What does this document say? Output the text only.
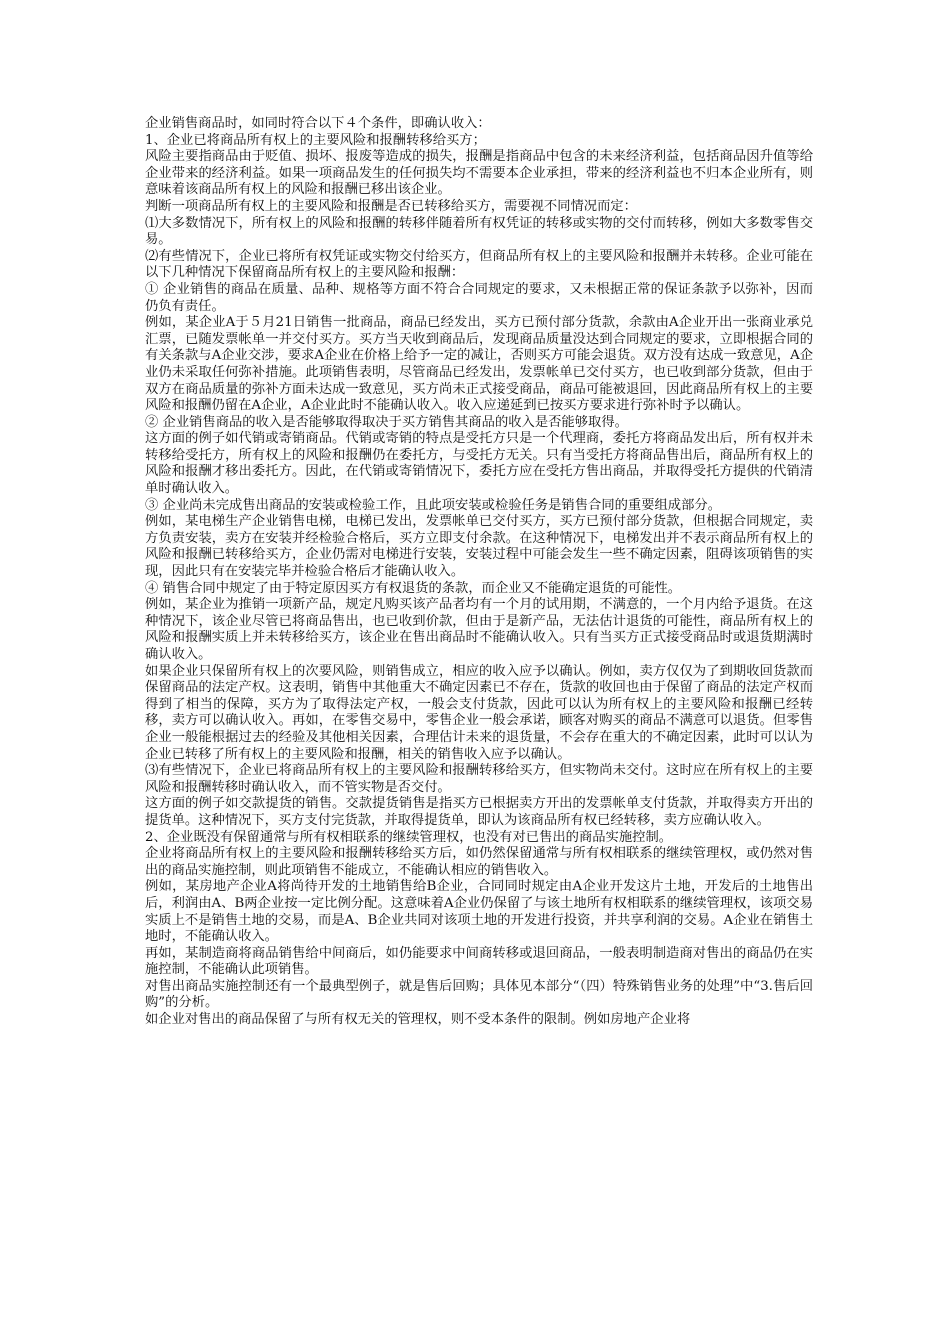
企业销售商品时，如同时符合以下４个条件，即确认收入：

1、企业已将商品所有权上的主要风险和报酬转移给买方；

风险主要指商品由于贬值、损坏、报废等造成的损失，报酬是指商品中包含的未来经济利益，包括商品因升值等给企业带来的经济利益。如果一项商品发生的任何损失均不需要本企业承担，带来的经济利益也不归本企业所有，则意味着该商品所有权上的风险和报酬已移出该企业。

判断一项商品所有权上的主要风险和报酬是否已转移给买方，需要视不同情况而定：

⑴大多数情况下，所有权上的风险和报酬的转移伴随着所有权凭证的转移或实物的交付而转移，例如大多数零售交易。

⑵有些情况下，企业已将所有权凭证或实物交付给买方，但商品所有权上的主要风险和报酬并未转移。企业可能在以下几种情况下保留商品所有权上的主要风险和报酬：

① 企业销售的商品在质量、品种、规格等方面不符合合同规定的要求，又未根据正常的保证条款予以弥补，因而仍负有责任。

例如，某企业A于５月21日销售一批商品，商品已经发出，买方已预付部分货款，余款由A企业开出一张商业承兑汇票，已随发票帐单一并交付买方。买方当天收到商品后，发现商品质量没达到合同规定的要求，立即根据合同的有关条款与A企业交涉，要求A企业在价格上给予一定的减让，否则买方可能会退货。双方没有达成一致意见，A企业仍未采取任何弥补措施。此项销售表明，尽管商品已经发出，发票帐单已交付买方，也已收到部分货款，但由于双方在商品质量的弥补方面未达成一致意见，买方尚未正式接受商品，商品可能被退回，因此商品所有权上的主要风险和报酬仍留在A企业，A企业此时不能确认收入。收入应递延到已按买方要求进行弥补时予以确认。

② 企业销售商品的收入是否能够取得取决于买方销售其商品的收入是否能够取得。

这方面的例子如代销或寄销商品。代销或寄销的特点是受托方只是一个代理商，委托方将商品发出后，所有权并未转移给受托方，所有权上的风险和报酬仍在委托方，与受托方无关。只有当受托方将商品售出后，商品所有权上的风险和报酬才移出委托方。因此，在代销或寄销情况下，委托方应在受托方售出商品，并取得受托方提供的代销清单时确认收入。

③ 企业尚未完成售出商品的安装或检验工作，且此项安装或检验任务是销售合同的重要组成部分。

例如，某电梯生产企业销售电梯，电梯已发出，发票帐单已交付买方，买方已预付部分货款，但根据合同规定，卖方负责安装，卖方在安装并经检验合格后，买方立即支付余款。在这种情况下，电梯发出并不表示商品所有权上的风险和报酬已转移给买方，企业仍需对电梯进行安装，安装过程中可能会发生一些不确定因素，阻碍该项销售的实现，因此只有在安装完毕并检验合格后才能确认收入。

④ 销售合同中规定了由于特定原因买方有权退货的条款，而企业又不能确定退货的可能性。

例如，某企业为推销一项新产品，规定凡购买该产品者均有一个月的试用期，不满意的，一个月内给予退货。在这种情况下，该企业尽管已将商品售出，也已收到价款，但由于是新产品，无法估计退货的可能性，商品所有权上的风险和报酬实质上并未转移给买方，该企业在售出商品时不能确认收入。只有当买方正式接受商品时或退货期满时确认收入。

如果企业只保留所有权上的次要风险，则销售成立，相应的收入应予以确认。例如，卖方仅仅为了到期收回货款而保留商品的法定产权。这表明，销售中其他重大不确定因素已不存在，货款的收回也由于保留了商品的法定产权而得到了相当的保障，买方为了取得法定产权，一般会支付货款，因此可以认为所有权上的主要风险和报酬已经转移，卖方可以确认收入。再如，在零售交易中，零售企业一般会承诺，顾客对购买的商品不满意可以退货。但零售企业一般能根据过去的经验及其他相关因素，合理估计未来的退货量，不会存在重大的不确定因素，此时可以认为企业已转移了所有权上的主要风险和报酬，相关的销售收入应予以确认。

⑶有些情况下，企业已将商品所有权上的主要风险和报酬转移给买方，但实物尚未交付。这时应在所有权上的主要风险和报酬转移时确认收入，而不管实物是否交付。

这方面的例子如交款提货的销售。交款提货销售是指买方已根据卖方开出的发票帐单支付货款，并取得卖方开出的提货单。这种情况下，买方支付完货款，并取得提货单，即认为该商品所有权已经转移，卖方应确认收入。

2、企业既没有保留通常与所有权相联系的继续管理权，也没有对已售出的商品实施控制。

企业将商品所有权上的主要风险和报酬转移给买方后，如仍然保留通常与所有权相联系的继续管理权，或仍然对售出的商品实施控制，则此项销售不能成立，不能确认相应的销售收入。

例如，某房地产企业A将尚待开发的土地销售给B企业，合同同时规定由A企业开发这片土地，开发后的土地售出后，利润由A、B两企业按一定比例分配。这意味着A企业仍保留了与该土地所有权相联系的继续管理权，该项交易实质上不是销售土地的交易，而是A、B企业共同对该项土地的开发进行投资，并共享利润的交易。A企业在销售土地时，不能确认收入。

再如，某制造商将商品销售给中间商后，如仍能要求中间商转移或退回商品，一般表明制造商对售出的商品仍在实施控制，不能确认此项销售。

对售出商品实施控制还有一个最典型例子，就是售后回购；具体见本部分“（四）特殊销售业务的处理”中“3.售后回购”的分析。

如企业对售出的商品保留了与所有权无关的管理权，则不受本条件的限制。例如房地产企业将
